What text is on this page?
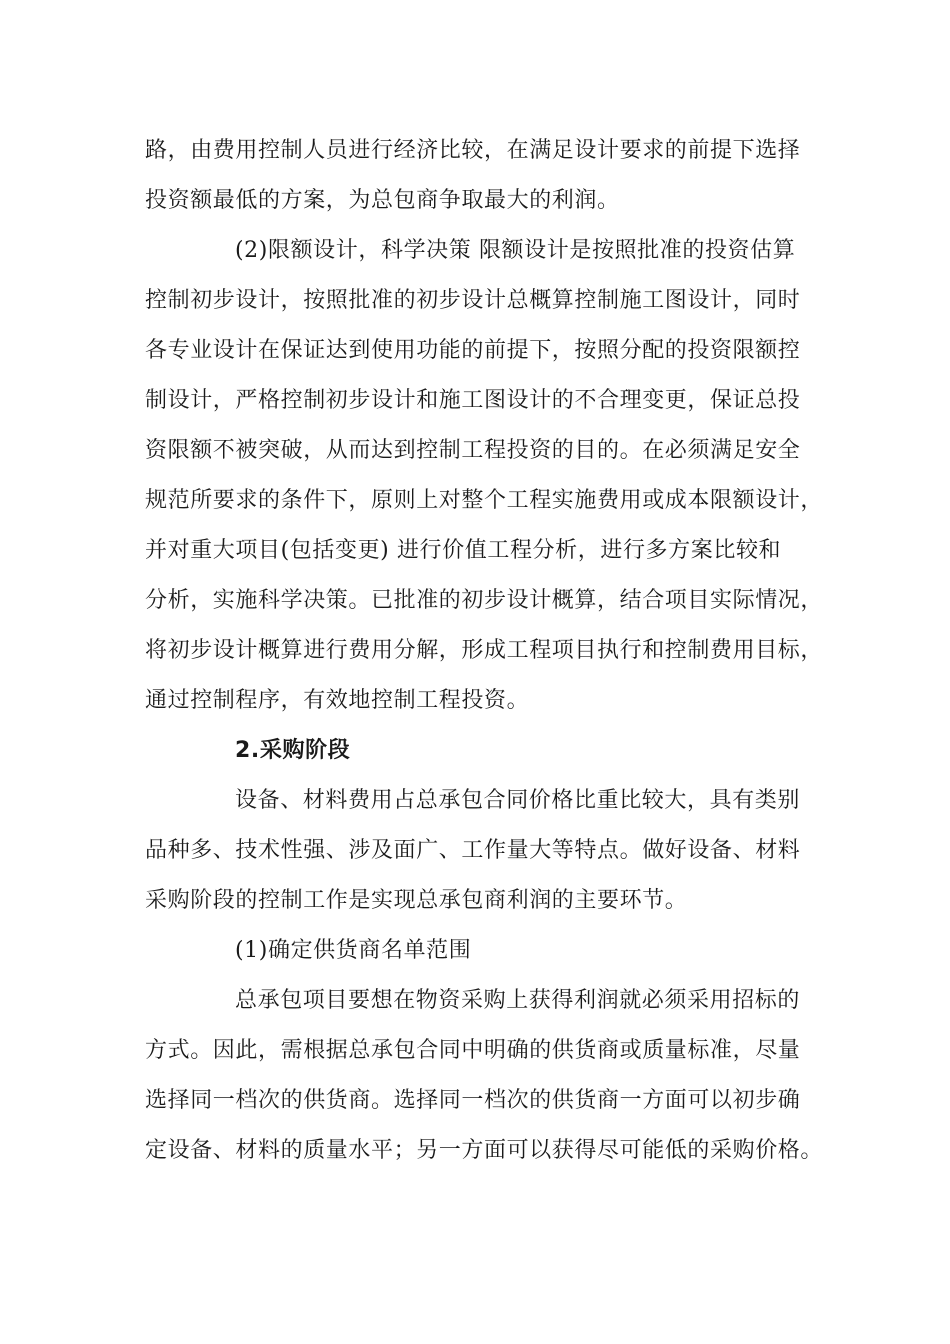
路，由费用控制人员进行经济比较，在满足设计要求的前提下选择
投资额最低的方案，为总包商争取最大的利润。
(2)限额设计，科学决策 限额设计是按照批准的投资估算
控制初步设计，按照批准的初步设计总概算控制施工图设计，同时
各专业设计在保证达到使用功能的前提下，按照分配的投资限额控
制设计，严格控制初步设计和施工图设计的不合理变更，保证总投
资限额不被突破，从而达到控制工程投资的目的。在必须满足安全
规范所要求的条件下，原则上对整个工程实施费用或成本限额设计，
并对重大项目(包括变更) 进行价值工程分析，进行多方案比较和
分析，实施科学决策。已批准的初步设计概算，结合项目实际情况，
将初步设计概算进行费用分解，形成工程项目执行和控制费用目标，
通过控制程序，有效地控制工程投资。
2.采购阶段
设备、材料费用占总承包合同价格比重比较大，具有类别
品种多、技术性强、涉及面广、工作量大等特点。做好设备、材料
采购阶段的控制工作是实现总承包商利润的主要环节。
(1)确定供货商名单范围
总承包项目要想在物资采购上获得利润就必须采用招标的
方式。因此，需根据总承包合同中明确的供货商或质量标准，尽量
选择同一档次的供货商。选择同一档次的供货商一方面可以初步确
定设备、材料的质量水平；另一方面可以获得尽可能低的采购价格。
